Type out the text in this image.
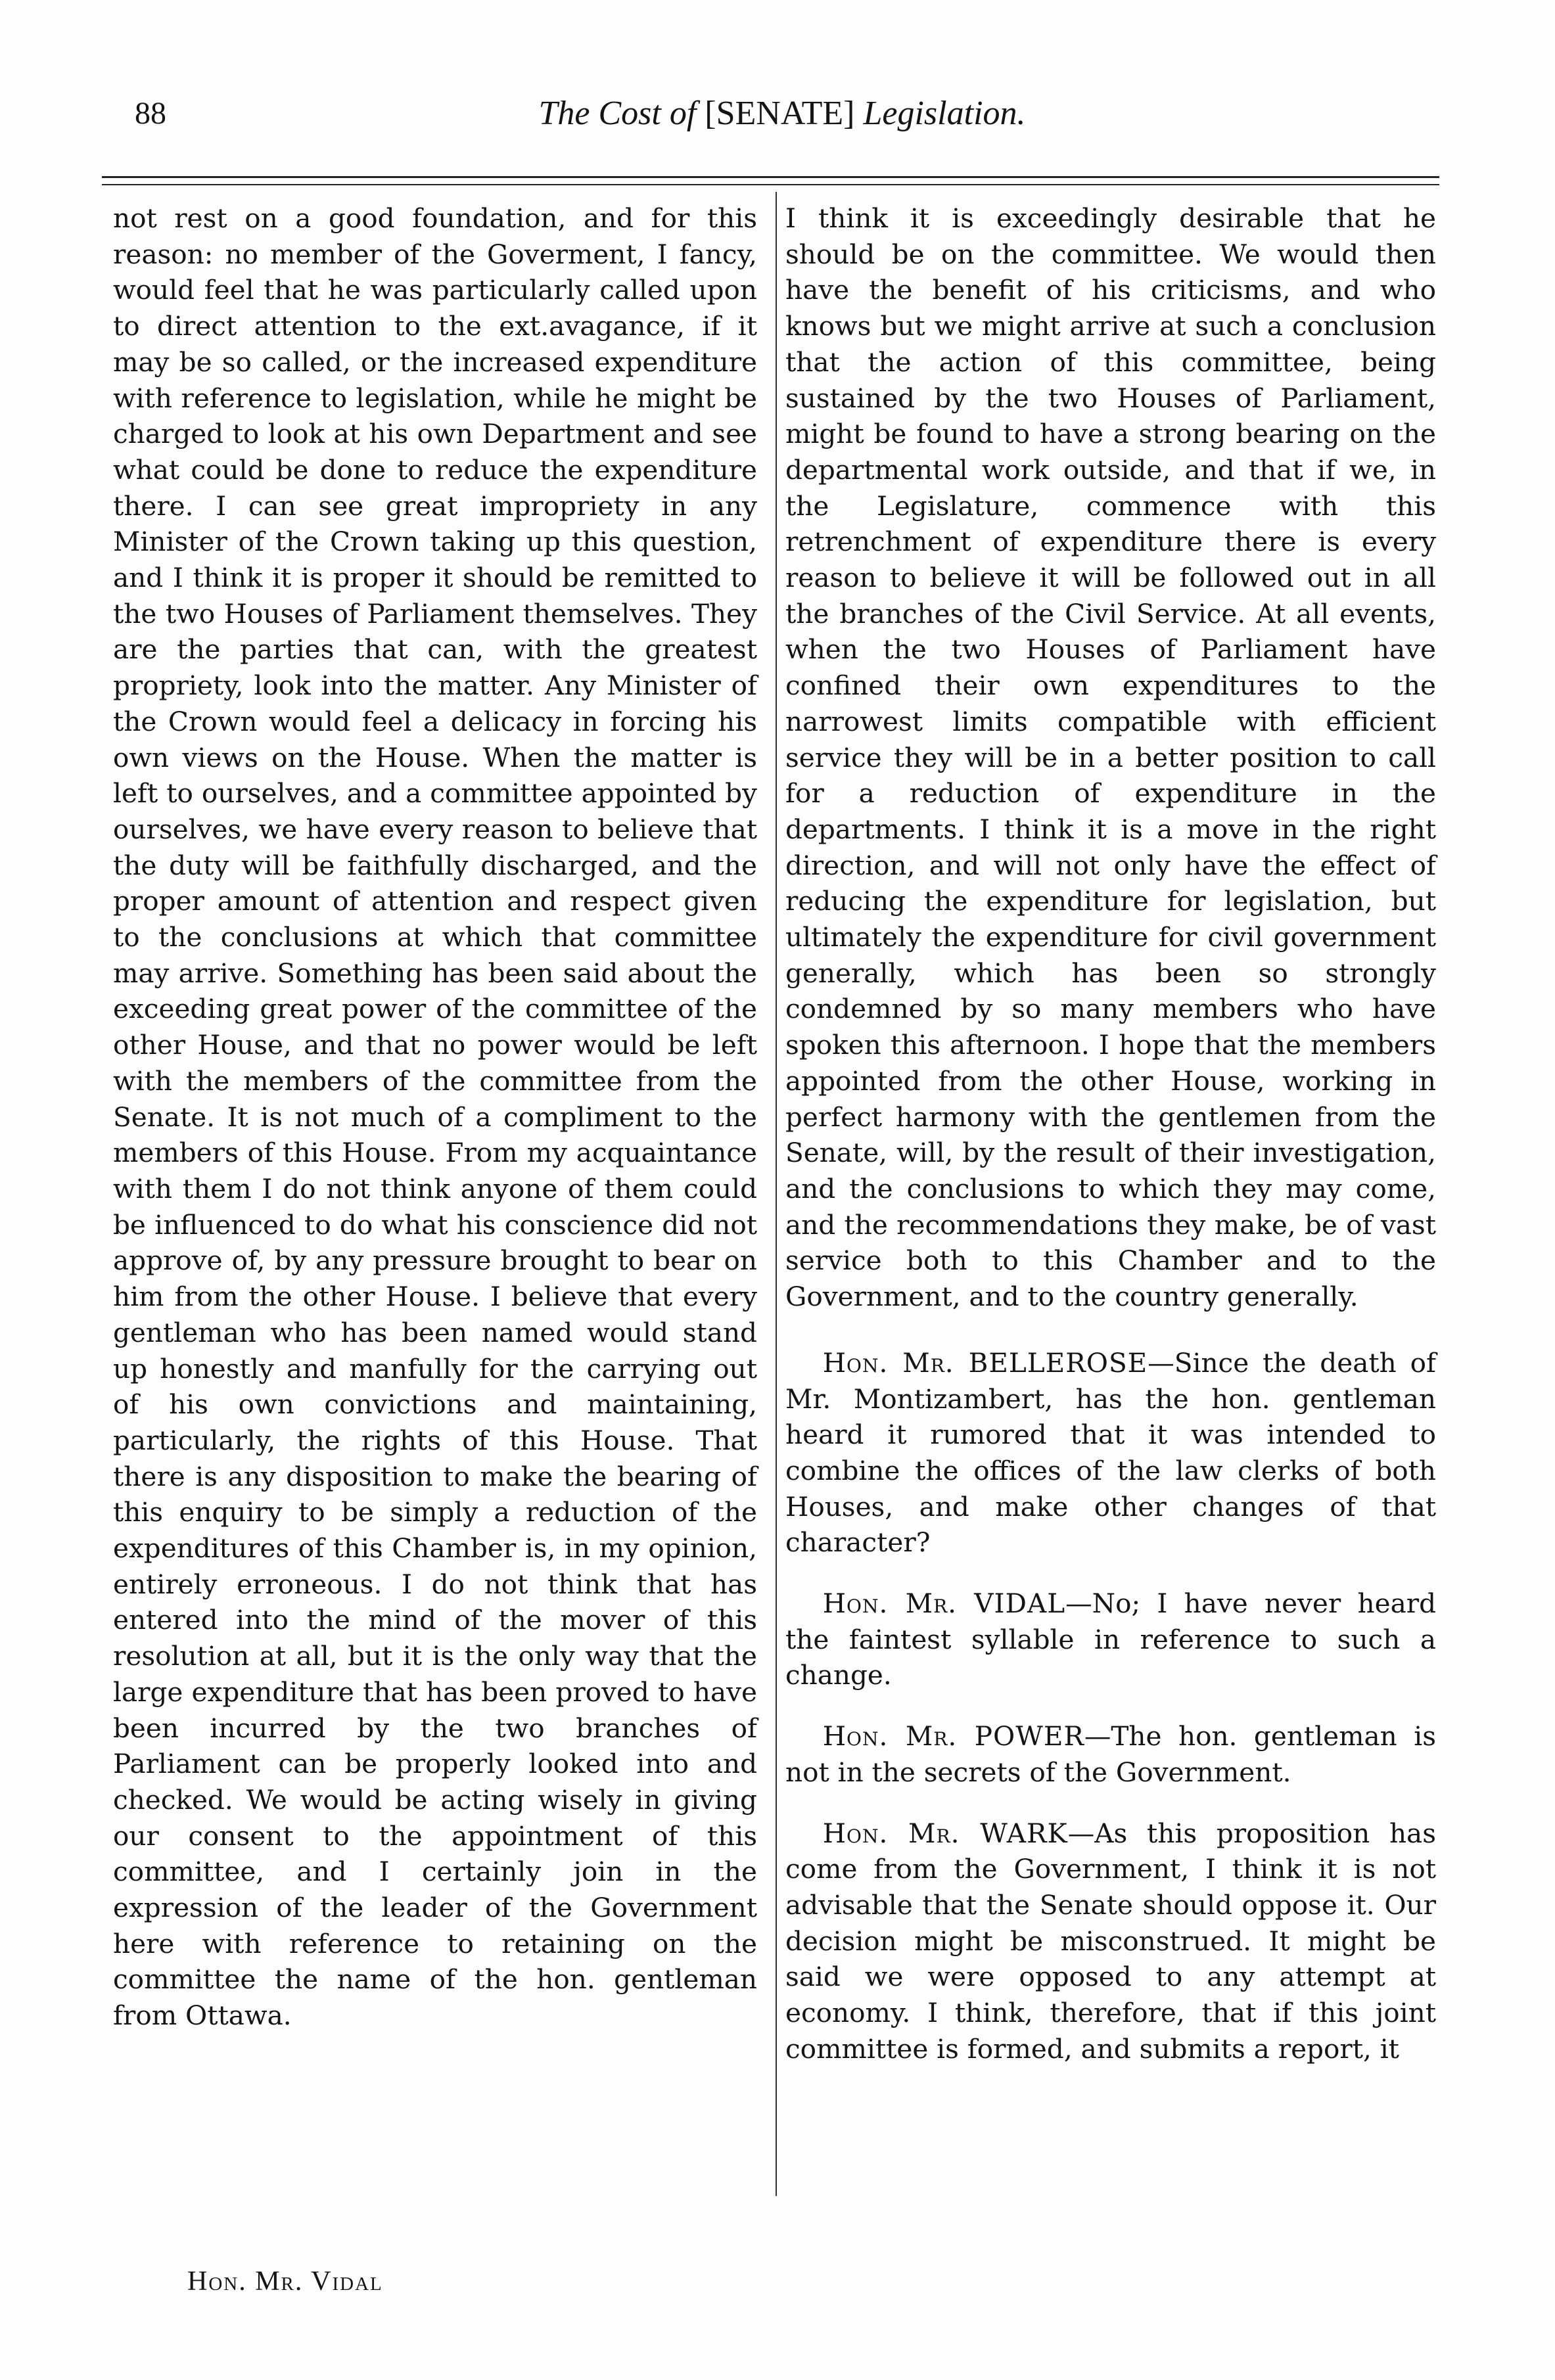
88	The Cost of [SENATE] Legislation.

not rest on a good foundation, and for this reason: no member of the Goverment, I fancy, would feel that he was particularly called upon to direct attention to the ext.avagance, if it may be so called, or the increased expenditure with reference to legislation, while he might be charged to look at his own Department and see what could be done to reduce the expenditure there. I can see great impropriety in any Minister of the Crown taking up this question, and I think it is proper it should be remitted to the two Houses of Parliament themselves. They are the parties that can, with the greatest propriety, look into the matter. Any Minister of the Crown would feel a delicacy in forcing his own views on the House. When the matter is left to ourselves, and a committee appointed by ourselves, we have every reason to believe that the duty will be faithfully discharged, and the proper amount of attention and respect given to the conclusions at which that committee may arrive. Something has been said about the exceeding great power of the committee of the other House, and that no power would be left with the members of the committee from the Senate. It is not much of a compliment to the members of this House. From my acquaintance with them I do not think anyone of them could be influenced to do what his conscience did not approve of, by any pressure brought to bear on him from the other House. I believe that every gentleman who has been named would stand up honestly and manfully for the carrying out of his own convictions and maintaining, particularly, the rights of this House. That there is any disposition to make the bearing of this enquiry to be simply a reduction of the expenditures of this Chamber is, in my opinion, entirely erroneous. I do not think that has entered into the mind of the mover of this resolution at all, but it is the only way that the large expenditure that has been proved to have been incurred by the two branches of Parliament can be properly looked into and checked. We would be acting wisely in giving our consent to the appointment of this committee, and I certainly join in the expression of the leader of the Government here with reference to retaining on the committee the name of the hon. gentleman from Ottawa.

I think it is exceedingly desirable that he should be on the committee. We would then have the benefit of his criticisms, and who knows but we might arrive at such a conclusion that the action of this committee, being sustained by the two Houses of Parliament, might be found to have a strong bearing on the departmental work outside, and that if we, in the Legislature, commence with this retrenchment of expenditure there is every reason to believe it will be followed out in all the branches of the Civil Service. At all events, when the two Houses of Parliament have confined their own expenditures to the narrowest limits compatible with efficient service they will be in a better position to call for a reduction of expenditure in the departments. I think it is a move in the right direction, and will not only have the effect of reducing the expenditure for legislation, but ultimately the expenditure for civil government generally, which has been so strongly condemned by so many members who have spoken this afternoon. I hope that the members appointed from the other House, working in perfect harmony with the gentlemen from the Senate, will, by the result of their investigation, and the conclusions to which they may come, and the recommendations they make, be of vast service both to this Chamber and to the Government, and to the country generally.

Hon. Mr. BELLEROSE—Since the death of Mr. Montizambert, has the hon. gentleman heard it rumored that it was intended to combine the offices of the law clerks of both Houses, and make other changes of that character?

Hon. Mr. VIDAL—No; I have never heard the faintest syllable in reference to such a change.

Hon. Mr. POWER—The hon. gentleman is not in the secrets of the Government.

Hon. Mr. WARK—As this proposition has come from the Government, I think it is not advisable that the Senate should oppose it. Our decision might be misconstrued. It might be said we were opposed to any attempt at economy. I think, therefore, that if this joint committee is formed, and submits a report, it

Hon. Mr. Vidal
